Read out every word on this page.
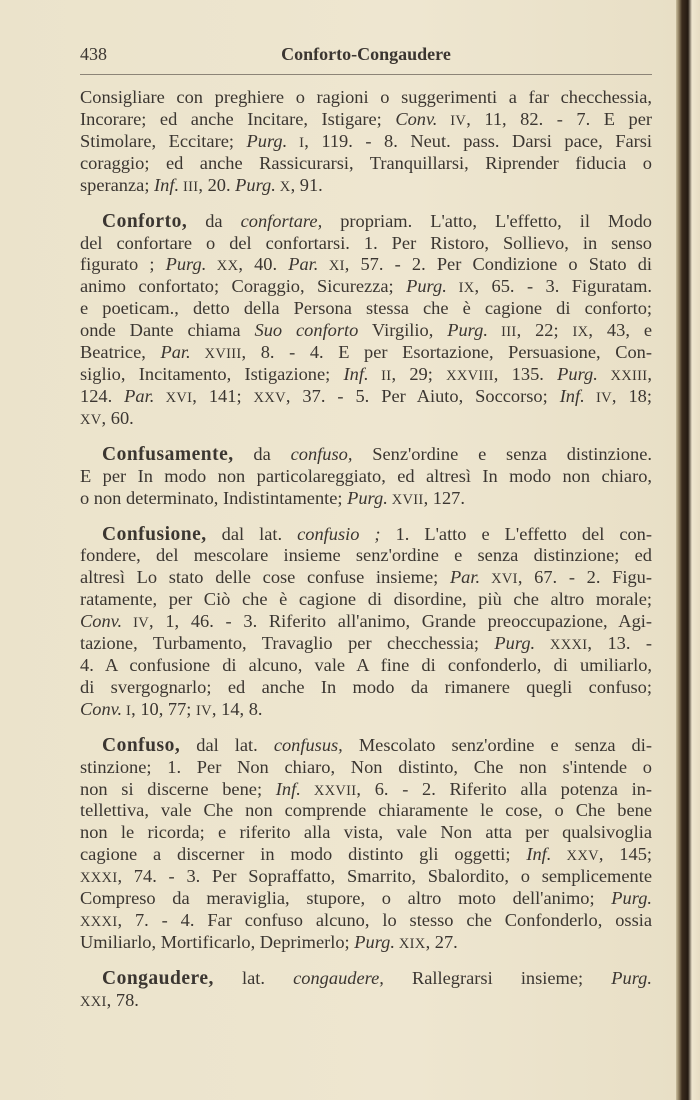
438	Conforto-Congaudere
Consigliare con preghiere o ragioni o suggerimenti a far checchessia,
Incorare; ed anche Incitare, Istigare; Conv. IV, 11, 82. - 7. E per
Stimolare, Eccitare; Purg. I, 119. - 8. Neut. pass. Darsi pace, Farsi
coraggio; ed anche Rassicurarsi, Tranquillarsi, Riprender fiducia o
speranza; Inf. III, 20. Purg. X, 91.
Conforto, da confortare, propriam. L'atto, L'effetto, il Modo
del confortare o del confortarsi. 1. Per Ristoro, Sollievo, in senso
figurato ; Purg. XX, 40. Par. XI, 57. - 2. Per Condizione o Stato di
animo confortato; Coraggio, Sicurezza; Purg. IX, 65. - 3. Figuratam.
e poeticam., detto della Persona stessa che è cagione di conforto;
onde Dante chiama Suo conforto Virgilio, Purg. III, 22; IX, 43, e
Beatrice, Par. XVIII, 8. - 4. E per Esortazione, Persuasione, Con-
siglio, Incitamento, Istigazione; Inf. II, 29; XXVIII, 135. Purg. XXIII,
124. Par. XVI, 141; XXV, 37. - 5. Per Aiuto, Soccorso; Inf. IV, 18;
XV, 60.
Confusamente, da confuso, Senz'ordine e senza distinzione.
E per In modo non particolareggiato, ed altresì In modo non chiaro,
o non determinato, Indistintamente; Purg. XVII, 127.
Confusione, dal lat. confusio ; 1. L'atto e L'effetto del con-
fondere, del mescolare insieme senz'ordine e senza distinzione; ed
altresì Lo stato delle cose confuse insieme; Par. XVI, 67. - 2. Figu-
ratamente, per Ciò che è cagione di disordine, più che altro morale;
Conv. IV, 1, 46. - 3. Riferito all'animo, Grande preoccupazione, Agi-
tazione, Turbamento, Travaglio per checchessia; Purg. XXXI, 13. -
4. A confusione di alcuno, vale A fine di confonderlo, di umiliarlo,
di svergognarlo; ed anche In modo da rimanere quegli confuso;
Conv. I, 10, 77; IV, 14, 8.
Confuso, dal lat. confusus, Mescolato senz'ordine e senza di-
stinzione; 1. Per Non chiaro, Non distinto, Che non s'intende o
non si discerne bene; Inf. XXVII, 6. - 2. Riferito alla potenza in-
tellettiva, vale Che non comprende chiaramente le cose, o Che bene
non le ricorda; e riferito alla vista, vale Non atta per qualsivoglia
cagione a discerner in modo distinto gli oggetti; Inf. XXV, 145;
XXXI, 74. - 3. Per Sopraffatto, Smarrito, Sbalordito, o semplicemente
Compreso da meraviglia, stupore, o altro moto dell'animo; Purg.
XXXI, 7. - 4. Far confuso alcuno, lo stesso che Confonderlo, ossia
Umiliarlo, Mortificarlo, Deprimerlo; Purg. XIX, 27.
Congaudere, lat. congaudere, Rallegrarsi insieme; Purg.
XXI, 78.
